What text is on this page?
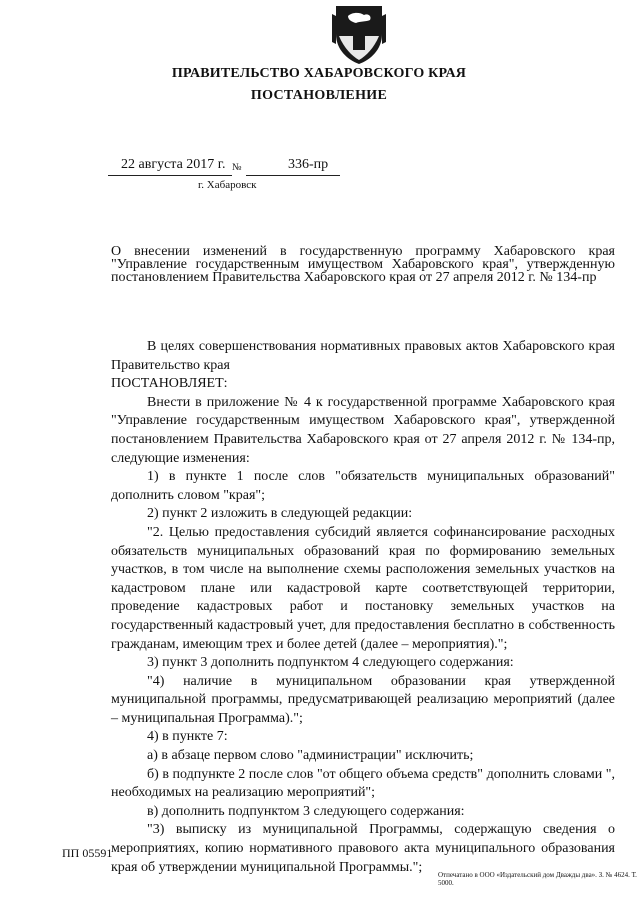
ПРАВИТЕЛЬСТВО ХАБАРОВСКОГО КРАЯ
ПОСТАНОВЛЕНИЕ
22 августа 2017 г. №	336-пр
г. Хабаровск
О внесении изменений в государственную программу Хабаровского края "Управление государственным имуществом Хабаровского края", утвержденную постановлением Правительства Хабаровского края от 27 апреля 2012 г. № 134-пр

В целях совершенствования нормативных правовых актов Хабаровского края Правительство края

ПОСТАНОВЛЯЕТ:

Внести в приложение № 4 к государственной программе Хабаровского края "Управление государственным имуществом Хабаровского края", утвержденной постановлением Правительства Хабаровского края от 27 апреля 2012 г. № 134-пр, следующие изменения:

1) в пункте 1 после слов "обязательств муниципальных образований" дополнить словом "края";

2) пункт 2 изложить в следующей редакции:

"2. Целью предоставления субсидий является софинансирование расходных обязательств муниципальных образований края по формированию земельных участков, в том числе на выполнение схемы расположения земельных участков на кадастровом плане или кадастровой карте соответствующей территории, проведение кадастровых работ и постановку земельных участков на государственный кадастровый учет, для предоставления бесплатно в собственность гражданам, имеющим трех и более детей (далее – мероприятия).";

3) пункт 3 дополнить подпунктом 4 следующего содержания:

"4) наличие в муниципальном образовании края утвержденной муниципальной программы, предусматривающей реализацию мероприятий (далее – муниципальная Программа).";

4) в пункте 7:

а) в абзаце первом слово "администрации" исключить;

б) в подпункте 2 после слов "от общего объема средств" дополнить словами ", необходимых на реализацию мероприятий";

в) дополнить подпунктом 3 следующего содержания:

"3) выписку из муниципальной Программы, содержащую сведения о мероприятиях, копию нормативного правового акта муниципального образования края об утверждении муниципальной Программы.";

ПП 05591
Отпечатано в ООО «Издательский дом Дважды два». З. № 4624. Т. 5000.
